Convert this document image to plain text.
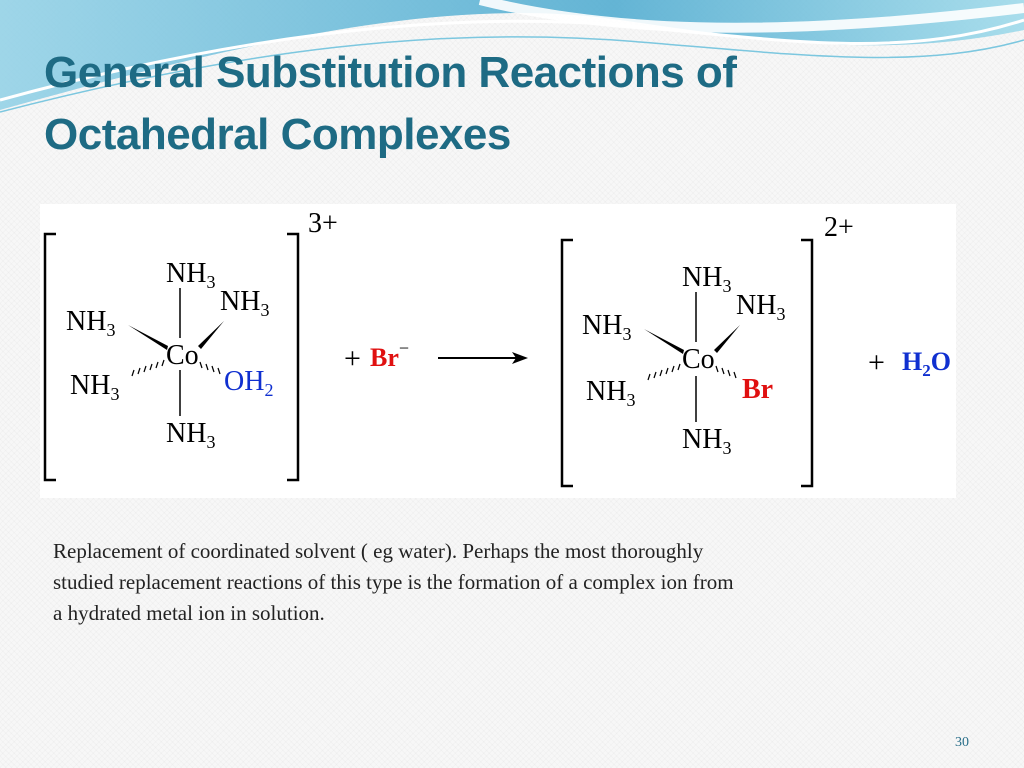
General Substitution Reactions of
Octahedral Complexes
3+
$NH_3$
$NH_3$
$NH_3$
Co
$OH_2$
$NH_3$
$NH_3$
+ Br−
2+
$NH_3$
$NH_3$
$NH_3$
Co
Br
$NH_3$
$NH_3$
+ $H_2O$
Replacement of coordinated solvent ( eg water). Perhaps the most thoroughly
studied replacement reactions of this type is the formation of a complex ion from
a hydrated metal ion in solution.
30
